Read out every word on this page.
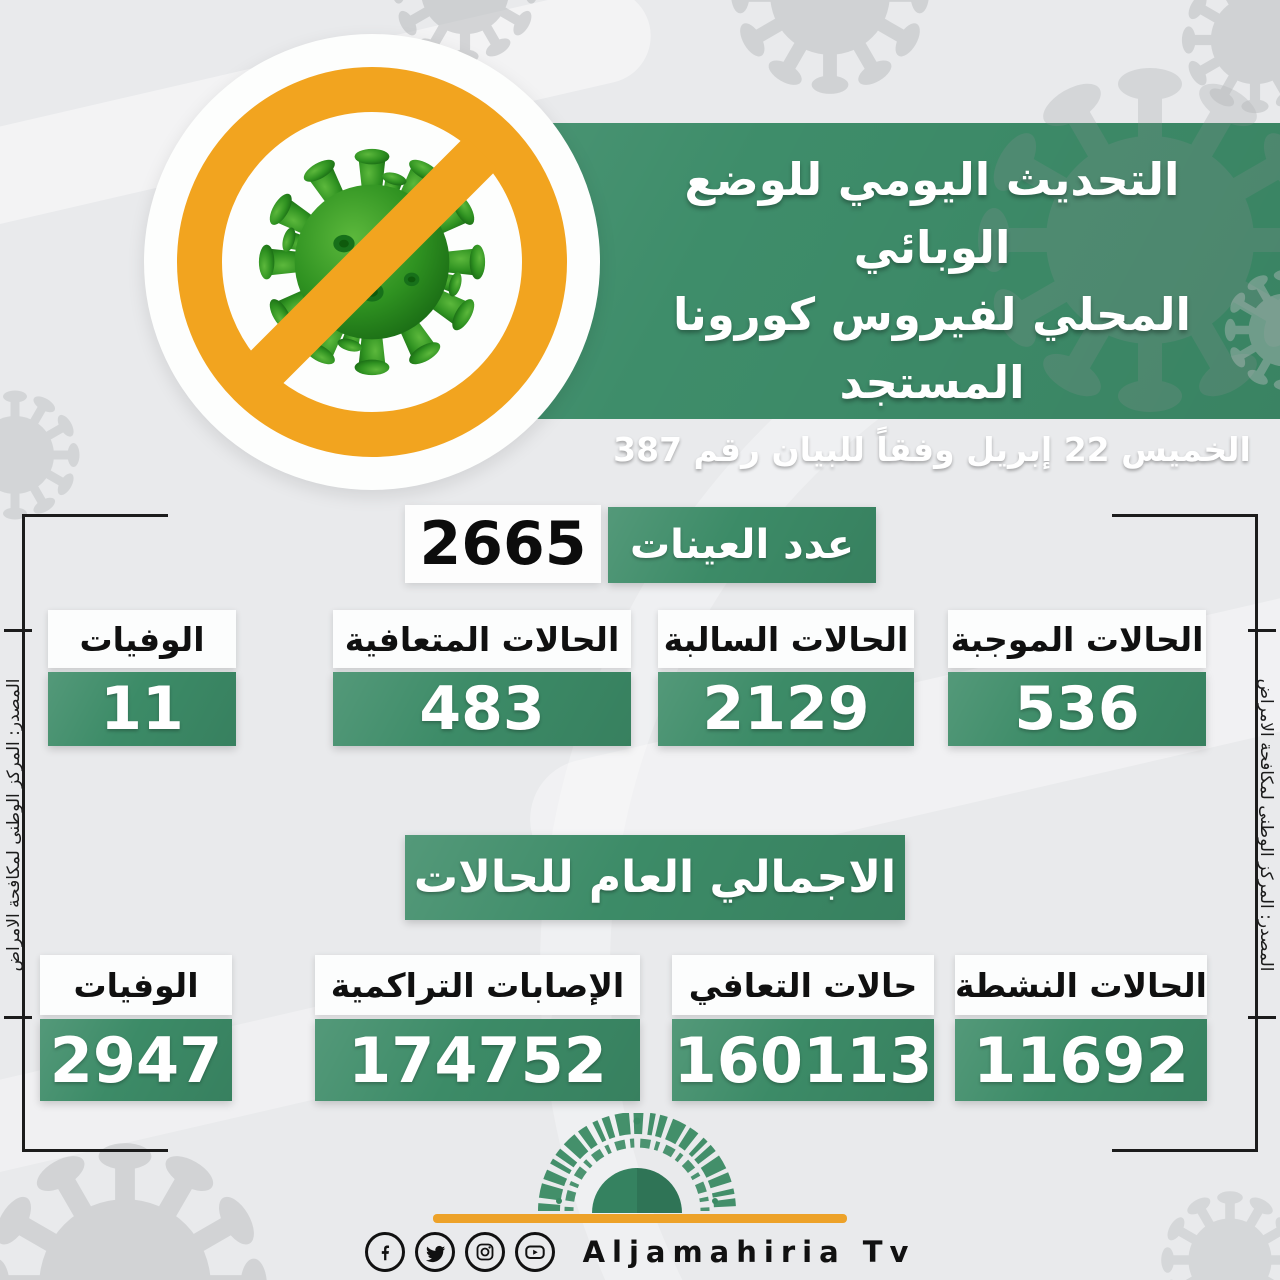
التحديث اليومي للوضع الوبائي
المحلي لفيروس كورونا المستجد
الخميس 22 إبريل وفقاً للبيان رقم 387
عدد العينات
2665
المصدر: المركز الوطني لمكافحة الامراض	المصدر: المركز الوطني لمكافحة الامراض
الحالات الموجبة
536
الحالات السالبة
2129
الحالات المتعافية
483
الوفيات
11
الاجمالي العام للحالات
الحالات النشطة
11692
حالات التعافي
160113
الإصابات التراكمية
174752
الوفيات
2947
Aljamahiria Tv
